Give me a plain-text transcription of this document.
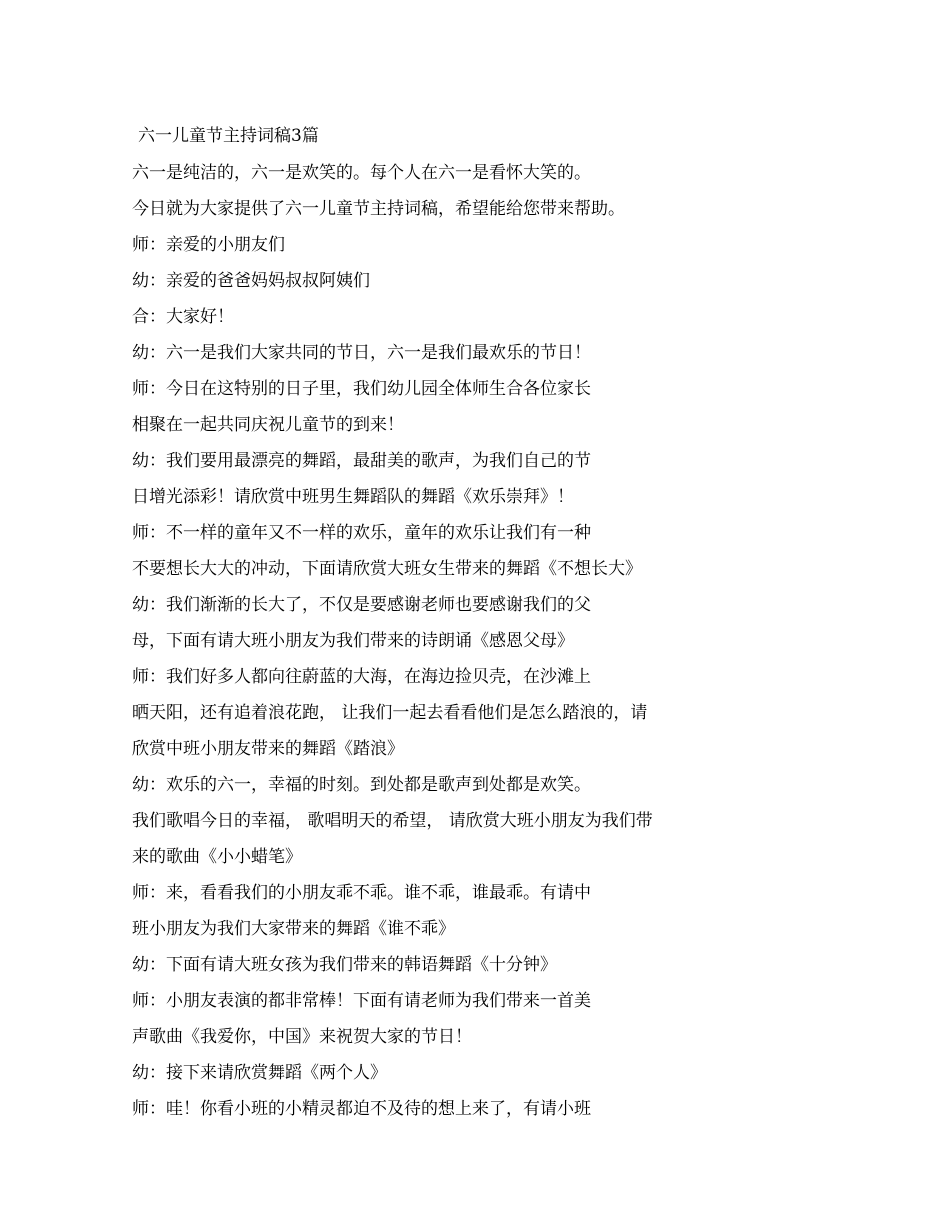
六一儿童节主持词稿3篇
六一是纯洁的，六一是欢笑的。每个人在六一是看怀大笑的。
今日就为大家提供了六一儿童节主持词稿，希望能给您带来帮助。
师：亲爱的小朋友们
幼：亲爱的爸爸妈妈叔叔阿姨们
合：大家好！
幼：六一是我们大家共同的节日，六一是我们最欢乐的节日！
师：今日在这特别的日子里，我们幼儿园全体师生合各位家长
相聚在一起共同庆祝儿童节的到来！
幼：我们要用最漂亮的舞蹈，最甜美的歌声，为我们自己的节
日增光添彩！请欣赏中班男生舞蹈队的舞蹈《欢乐崇拜》！
师：不一样的童年又不一样的欢乐，童年的欢乐让我们有一种
不要想长大大的冲动，下面请欣赏大班女生带来的舞蹈《不想长大》
幼：我们渐渐的长大了，不仅是要感谢老师也要感谢我们的父
母，下面有请大班小朋友为我们带来的诗朗诵《感恩父母》
师：我们好多人都向往蔚蓝的大海，在海边捡贝壳，在沙滩上
晒天阳，还有追着浪花跑， 让我们一起去看看他们是怎么踏浪的，请
欣赏中班小朋友带来的舞蹈《踏浪》
幼：欢乐的六一，幸福的时刻。到处都是歌声到处都是欢笑。
我们歌唱今日的幸福， 歌唱明天的希望， 请欣赏大班小朋友为我们带
来的歌曲《小小蜡笔》
师：来，看看我们的小朋友乖不乖。谁不乖，谁最乖。有请中
班小朋友为我们大家带来的舞蹈《谁不乖》
幼：下面有请大班女孩为我们带来的韩语舞蹈《十分钟》
师：小朋友表演的都非常棒！下面有请老师为我们带来一首美
声歌曲《我爱你，中国》来祝贺大家的节日！
幼：接下来请欣赏舞蹈《两个人》
师：哇！你看小班的小精灵都迫不及待的想上来了，有请小班
